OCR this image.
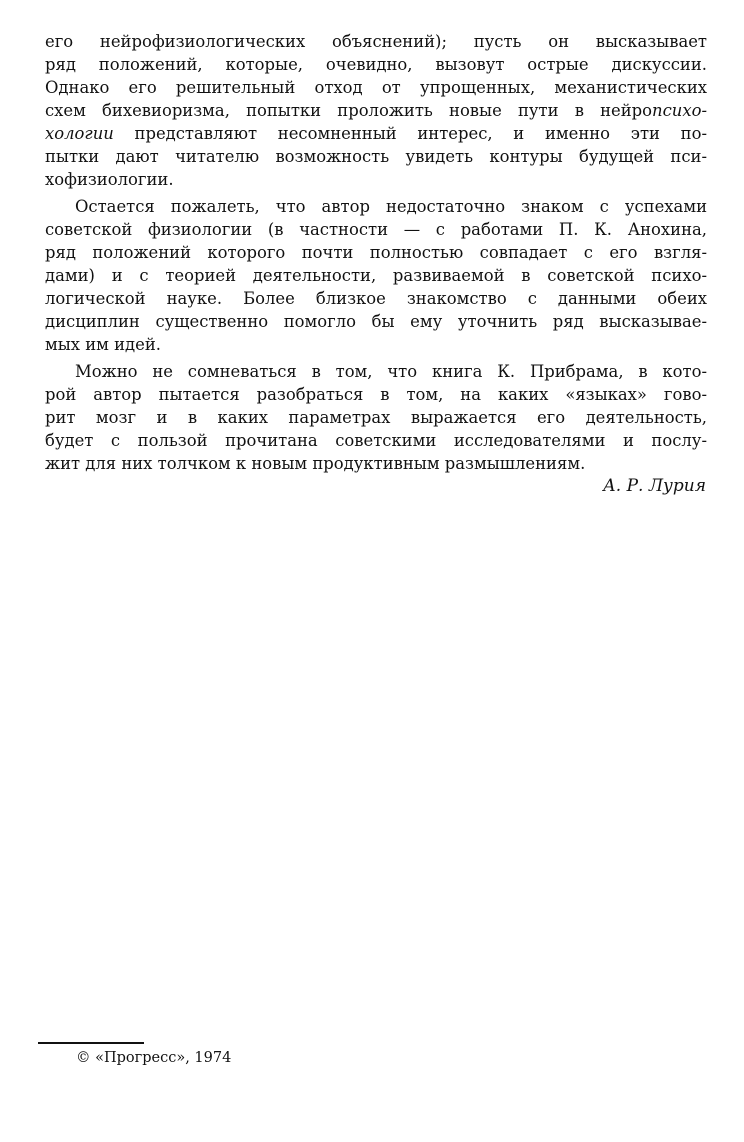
его нейрофизиологических объяснений); пусть он высказывает
ряд положений, которые, очевидно, вызовут острые дискуссии.
Однако его решительный отход от упрощенных, механистических
схем бихевиоризма, попытки проложить новые пути в нейропсихо-
хологии представляют несомненный интерес, и именно эти по-
пытки дают читателю возможность увидеть контуры будущей пси-
хофизиологии.
Остается пожалеть, что автор недостаточно знаком с успехами
советской физиологии (в частности — с работами П. К. Анохина,
ряд положений которого почти полностью совпадает с его взгля-
дами) и с теорией деятельности, развиваемой в советской психо-
логической науке. Более близкое знакомство с данными обеих
дисциплин существенно помогло бы ему уточнить ряд высказывае-
мых им идей.
Можно не сомневаться в том, что книга К. Прибрама, в кото-
рой автор пытается разобраться в том, на каких «языках» гово-
рит мозг и в каких параметрах выражается его деятельность,
будет с пользой прочитана советскими исследователями и послу-
жит для них толчком к новым продуктивным размышлениям.
А. Р. Лурия
© «Прогресс», 1974
